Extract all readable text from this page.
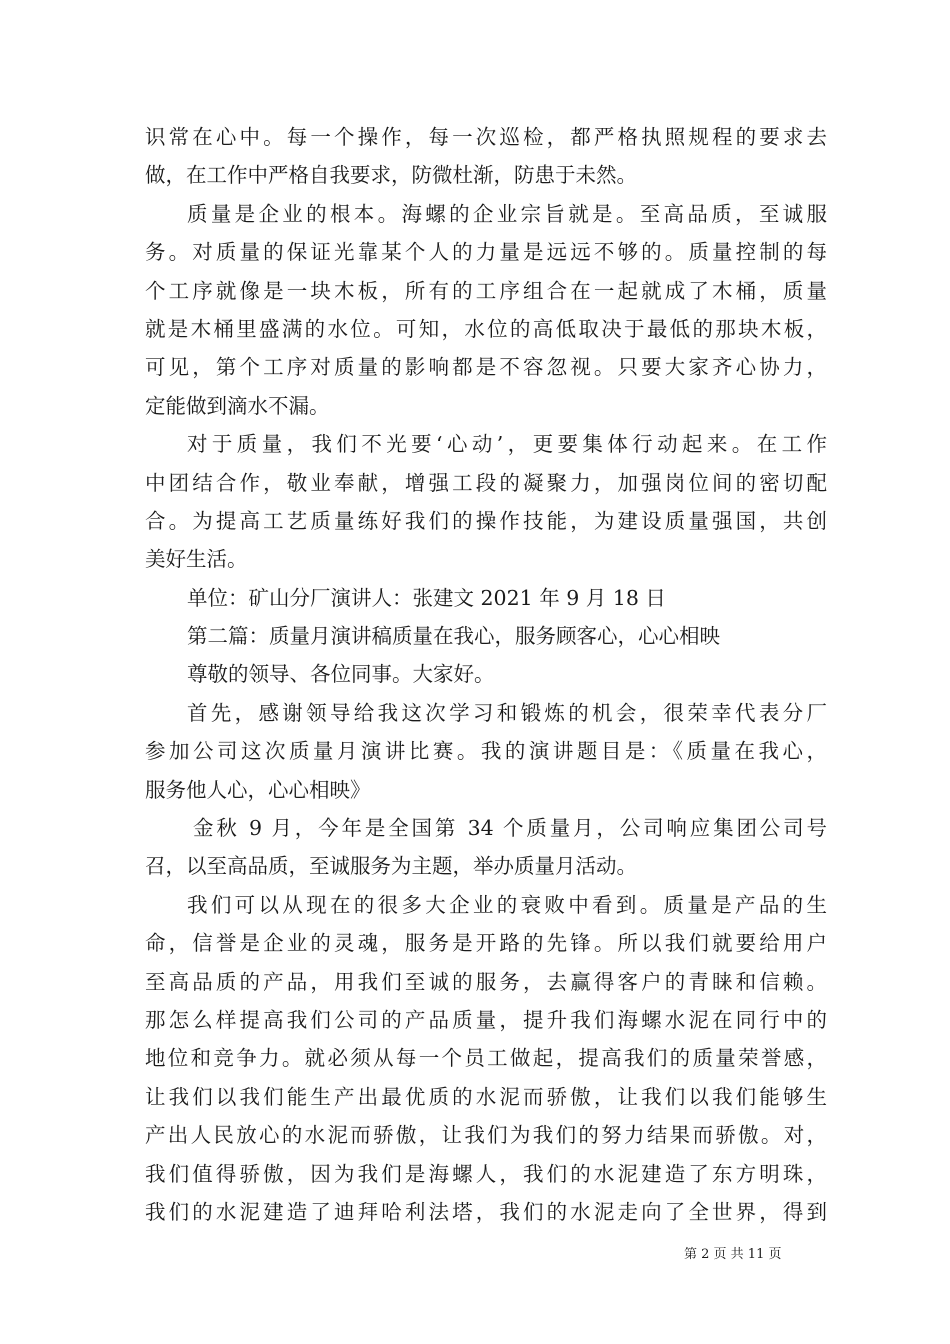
识常在心中。每一个操作，每一次巡检，都严格执照规程的要求去
做，在工作中严格自我要求，防微杜渐，防患于未然。
质量是企业的根本。海螺的企业宗旨就是。至高品质，至诚服
务。对质量的保证光靠某个人的力量是远远不够的。质量控制的每
个工序就像是一块木板，所有的工序组合在一起就成了木桶，质量
就是木桶里盛满的水位。可知，水位的高低取决于最低的那块木板，
可见，第个工序对质量的影响都是不容忽视。只要大家齐心协力，
定能做到滴水不漏。
对于质量，我们不光要‘心动’，更要集体行动起来。在工作
中团结合作，敬业奉献，增强工段的凝聚力，加强岗位间的密切配
合。为提高工艺质量练好我们的操作技能，为建设质量强国，共创
美好生活。
单位：矿山分厂演讲人：张建文 2021 年 9 月 18 日
第二篇：质量月演讲稿质量在我心，服务顾客心，心心相映
尊敬的领导、各位同事。大家好。
首先，感谢领导给我这次学习和锻炼的机会，很荣幸代表分厂
参加公司这次质量月演讲比赛。我的演讲题目是：《质量在我心，
服务他人心，心心相映》
金秋 9 月，今年是全国第 34 个质量月，公司响应集团公司号
召，以至高品质，至诚服务为主题，举办质量月活动。
我们可以从现在的很多大企业的衰败中看到。质量是产品的生
命，信誉是企业的灵魂，服务是开路的先锋。所以我们就要给用户
至高品质的产品，用我们至诚的服务，去赢得客户的青睐和信赖。
那怎么样提高我们公司的产品质量，提升我们海螺水泥在同行中的
地位和竞争力。就必须从每一个员工做起，提高我们的质量荣誉感，
让我们以我们能生产出最优质的水泥而骄傲，让我们以我们能够生
产出人民放心的水泥而骄傲，让我们为我们的努力结果而骄傲。对，
我们值得骄傲，因为我们是海螺人，我们的水泥建造了东方明珠，
我们的水泥建造了迪拜哈利法塔，我们的水泥走向了全世界，得到
第 2 页 共 11 页
